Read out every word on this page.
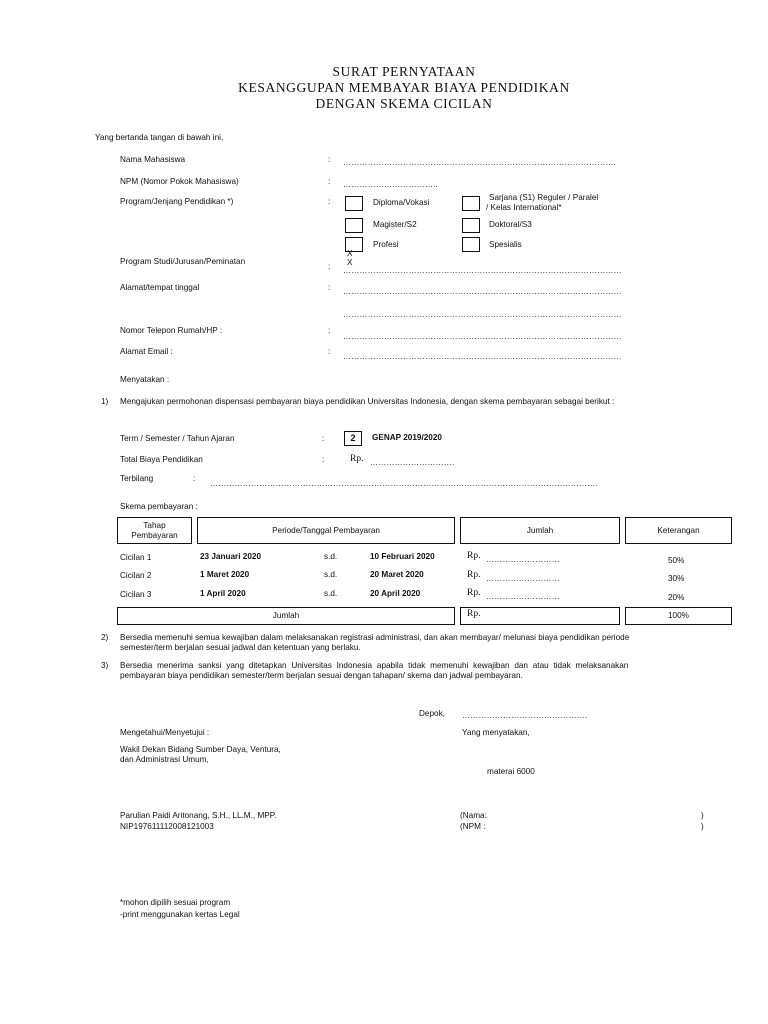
SURAT PERNYATAAN
KESANGGUPAN MEMBAYAR BIAYA PENDIDIKAN
DENGAN SKEMA CICILAN
Yang bertanda tangan di bawah ini,
Nama Mahasiswa	: ……………………………………………………………………………………….
NPM (Nomor Pokok Mahasiswa)	: ……………………………..
Program/Jenjang Pendidikan *)	:	Diploma/Vokasi
Sarjana (S1) Reguler / Paralel
/ Kelas International*
Magister/S2	Doktoral/S3
Profesi	Spesialis
X
X
Program Studi/Jurusan/Peminatan
: …………………………………………………………………………………………
Alamat/tempat tinggal	: …………………………………………………………………………………………
…………………………………………………………………………………………
Nomor Telepon Rumah/HP :	:
…………………………………………………………………………………………
Alamat Email :	:
…………………………………………………………………………………………
Menyatakan :
1) Mengajukan permohonan dispensasi pembayaran biaya pendidikan Universitas Indonesia, dengan skema pembayaran sebagai berikut :
Term / Semester / Tahun Ajaran	:	2	GENAP 2019/2020
Total Biaya Pendidikan	:	Rp. ………………………….
Terbilang	:
…………………………………………………………………………………………………………………………….
Skema pembayaran :
Tahap
Pembayaran
Periode/Tanggal Pembayaran	Jumlah	Keterangan
Cicilan 1	23 Januari 2020	s.d.	10 Februari 2020	Rp. ………………………	50%
Cicilan 2	1 Maret 2020	s.d.	20 Maret 2020	Rp. ………………………	30%
Cicilan 3	1 April 2020	s.d.	20 April 2020	Rp. ………………………	20%
Jumlah	Rp.	100%
2) Bersedia memenuhi semua kewajiban dalam melaksanakan registrasi administrasi, dan akan membayar/ melunasi biaya pendidikan periode
semester/term berjalan sesuai jadwal dan ketentuan yang berlaku.
3) Bersedia menerima sanksi yang ditetapkan Universitas Indonesia apabila tidak memenuhi kewajiban dan atau tidak melaksanakan
pembayaran biaya pendidikan semester/term berjalan sesuai dengan tahapan/ skema dan jadwal pembayaran.
Depok, ……………………………………….
Mengetahui/Menyetujui :	Yang menyatakan,
Wakil Dekan Bidang Sumber Daya, Ventura,
dan Administrasi Umum,
materai 6000
Parulian Paidi Aritonang, S.H., LL.M., MPP.
NIP197611112008121003
(Nama:	)
(NPM :	)
*mohon dipilih sesuai program
-print menggunakan kertas Legal
